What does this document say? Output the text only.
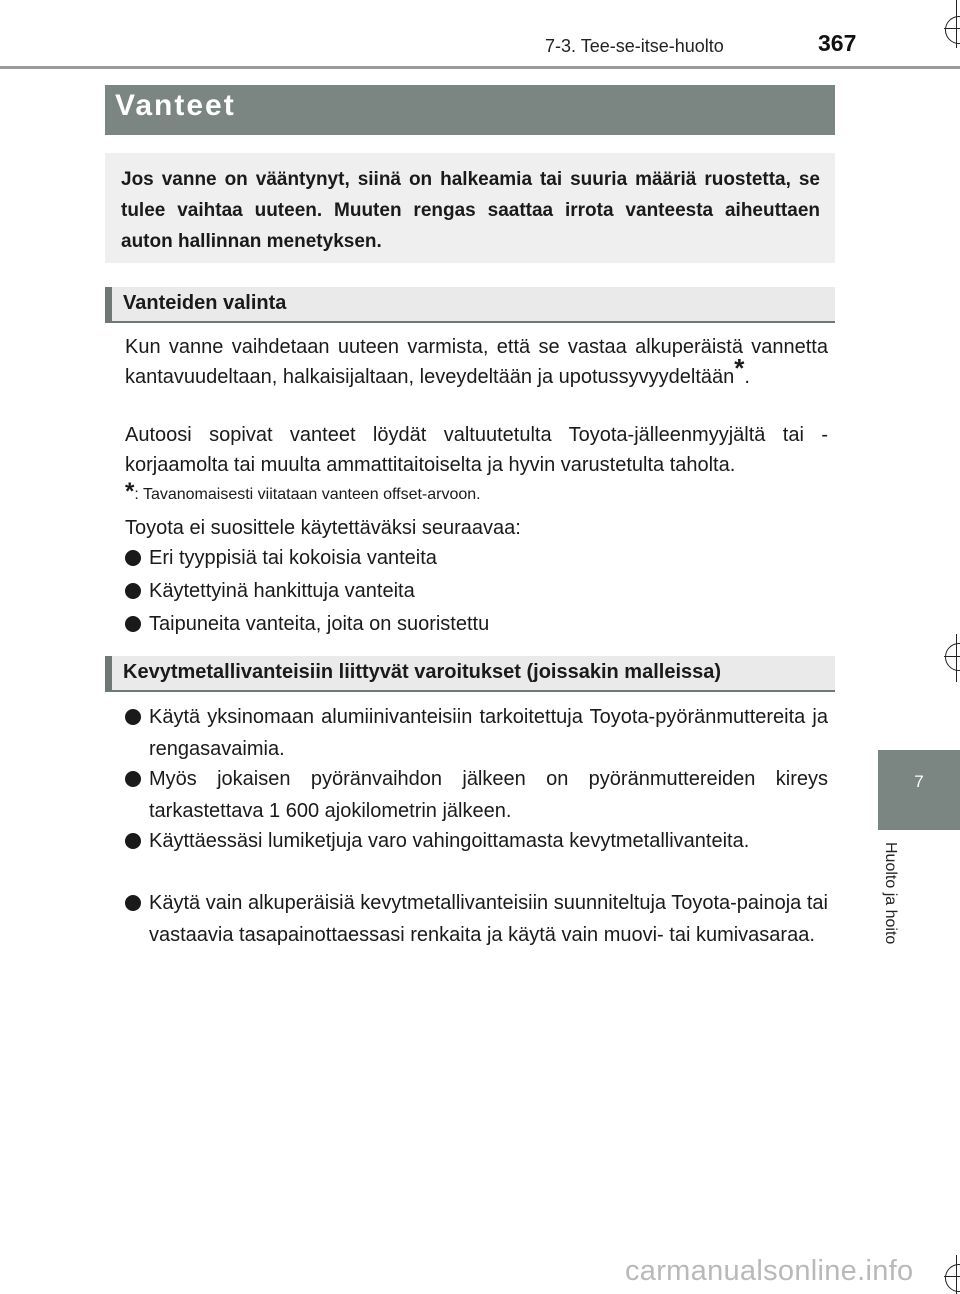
7-3. Tee-se-itse-huolto	367
Vanteet
Jos vanne on vääntynyt, siinä on halkeamia tai suuria määriä ruostetta, se tulee vaihtaa uuteen. Muuten rengas saattaa irrota vanteesta aiheuttaen auton hallinnan menetyksen.
Vanteiden valinta
Kun vanne vaihdetaan uuteen varmista, että se vastaa alkuperäistä vannetta kantavuudeltaan, halkaisijaltaan, leveydeltään ja upotussyvyydeltään*.
Autoosi sopivat vanteet löydät valtuutetulta Toyota-jälleenmyyjältä tai -korjaamolta tai muulta ammattitaitoiselta ja hyvin varustetulta taholta.
*: Tavanomaisesti viitataan vanteen offset-arvoon.
Toyota ei suosittele käytettäväksi seuraavaa:
Eri tyyppisiä tai kokoisia vanteita
Käytettyinä hankittuja vanteita
Taipuneita vanteita, joita on suoristettu
Kevytmetallivanteisiin liittyvät varoitukset (joissakin malleissa)
Käytä yksinomaan alumiinivanteisiin tarkoitettuja Toyota-pyöränmuttereita ja rengasavaimia.
Myös jokaisen pyöränvaihdon jälkeen on pyöränmuttereiden kireys tarkastettava 1 600 ajokilometrin jälkeen.
Käyttäessäsi lumiketjuja varo vahingoittamasta kevytmetallivanteita.
Käytä vain alkuperäisiä kevytmetallivanteisiin suunniteltuja Toyota-painoja tai vastaavia tasapainottaessasi renkaita ja käytä vain muovi- tai kumivasaraa.
7
Huolto ja hoito
carmanualsonline.info
